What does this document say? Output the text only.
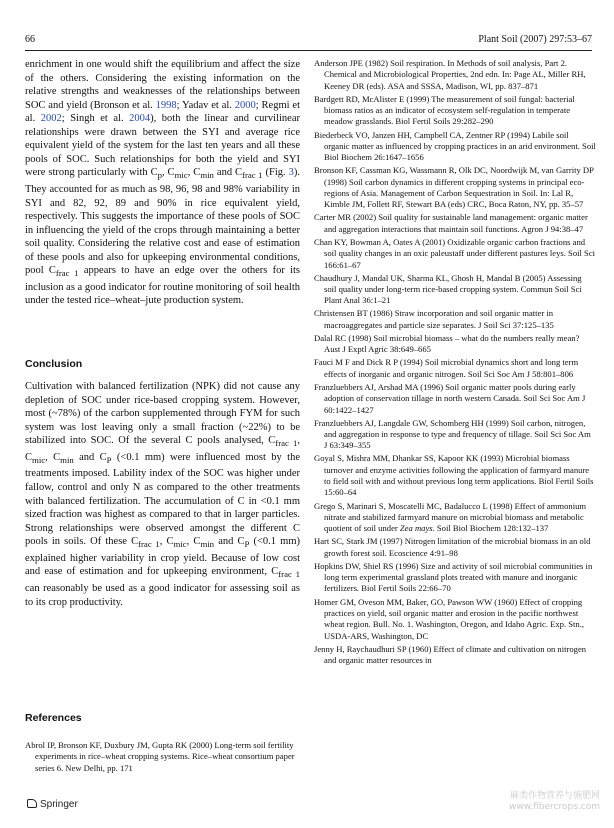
66	Plant Soil (2007) 297:53–67

enrichment in one would shift the equilibrium and affect the size of the others. Considering the existing information on the relative strengths and weaknesses of the relationships between SOC and yield (Bronson et al. 1998; Yadav et al. 2000; Regmi et al. 2002; Singh et al. 2004), both the linear and curvilinear relationships were drawn between the SYI and average rice equivalent yield of the system for the last ten years and all these pools of SOC. Such relationships for both the yield and SYI were strong particularly with $C_p$, $C_{mic}$, $C_{min}$ and $C_{frac 1}$ (Fig. 3). They accounted for as much as 98, 96, 98 and 98% variability in SYI and 82, 92, 89 and 90% in rice equivalent yield, respectively. This suggests the importance of these pools of SOC in influencing the yield of the crops through maintaining a better soil quality. Considering the relative cost and ease of estimation of these pools and also for upkeeping environmental conditions, pool $C_{frac 1}$ appears to have an edge over the others for its inclusion as a good indicator for routine monitoring of soil health under the tested rice–wheat–jute production system.

Conclusion

Cultivation with balanced fertilization (NPK) did not cause any depletion of SOC under rice-based cropping system. However, most (~78%) of the carbon supplemented through FYM for such system was lost leaving only a small fraction (~22%) to be stabilized into SOC. Of the several C pools analysed, $C_{frac 1}$, $C_{mic}$, $C_{min}$ and $C_P$ (<0.1 mm) were influenced most by the treatments imposed. Lability index of the SOC was higher under fallow, control and only N as compared to the other treatments with balanced fertilization. The accumulation of C in <0.1 mm sized fraction was highest as compared to that in larger particles. Strong relationships were observed amongst the different C pools in soils. Of these $C_{frac 1}$, $C_{mic}$, $C_{min}$ and $C_P$ (<0.1 mm) explained higher variability in crop yield. Because of low cost and ease of estimation and for upkeeping environment, $C_{frac 1}$ can reasonably be used as a good indicator for assessing soil as to its crop productivity.

References

Abrol IP, Bronson KF, Duxbury JM, Gupta RK (2000) Long-term soil fertility experiments in rice–wheat cropping systems. Rice–wheat consortium paper series 6. New Delhi, pp. 171

Anderson JPE (1982) Soil respiration. In Methods of soil analysis, Part 2. Chemical and Microbiological Properties, 2nd edn. In: Page AL, Miller RH, Keeney DR (eds). ASA and SSSA, Madison, WI, pp. 837–871

Bardgett RD, McAlister E (1999) The measurement of soil fungal: bacterial biomass ratios as an indicator of ecosystem self-regulation in temperate meadow grasslands. Biol Fertil Soils 29:282–290

Biederbeck VO, Janzen HH, Campbell CA, Zentner RP (1994) Labile soil organic matter as influenced by cropping practices in an arid environment. Soil Biol Biochem 26:1647–1656

Bronson KF, Cassman KG, Wassmann R, Olk DC, Noordwijk M, van Garrity DP (1998) Soil carbon dynamics in different cropping systems in principal eco-regions of Asia. Management of Carbon Sequestration in Soil. In: Lal R, Kimble JM, Follett RF, Stewart BA (eds) CRC, Boca Raton, NY, pp. 35–57

Carter MR (2002) Soil quality for sustainable land management: organic matter and aggregation interactions that maintain soil functions. Agron J 94:38–47

Chan KY, Bowman A, Oates A (2001) Oxidizable organic carbon fractions and soil quality changes in an oxic paleustaff under different pastures leys. Soil Sci 166:61–67

Chaudhury J, Mandal UK, Sharma KL, Ghosh H, Mandal B (2005) Assessing soil quality under long-term rice-based cropping system. Commun Soil Sci Plant Anal 36:1–21

Christensen BT (1986) Straw incorporation and soil organic matter in macroaggregates and particle size separates. J Soil Sci 37:125–135

Dalal RC (1998) Soil microbial biomass – what do the numbers really mean? Aust J Exptl Agric 38:649–665

Fauci M F and Dick R P (1994) Soil microbial dynamics short and long term effects of inorganic and organic nitrogen. Soil Sci Soc Am J 58:801–806

Franzluebbers AJ, Arshad MA (1996) Soil organic matter pools during early adoption of conservation tillage in north western Canada. Soil Sci Soc Am J 60:1422–1427

Franzluebbers AJ, Langdale GW, Schomberg HH (1999) Soil carbon, nitrogen, and aggregation in response to type and frequency of tillage. Soil Sci Soc Am J 63:349–355

Goyal S, Mishra MM, Dhankar SS, Kapoor KK (1993) Microbial biomass turnover and enzyme activities following the application of farmyard manure to field soil with and without previous long term applications. Biol Fertil Soils 15:60–64

Grego S, Marinari S, Moscatelli MC, Badalucco L (1998) Effect of ammonium nitrate and stabilized farmyard manure on microbial biomass and metabolic quotient of soil under Zea mays. Soil Biol Biochem 128:132–137

Hart SC, Stark JM (1997) Nitrogen limitation of the microbial biomass in an old growth forest soil. Ecoscience 4:91–98

Hopkins DW, Shiel RS (1996) Size and activity of soil microbial communities in long term experimental grassland plots treated with manure and inorganic fertilizers. Biol Fertil Soils 22:66–70

Homer GM, Oveson MM, Baker, GO, Pawson WW (1960) Effect of cropping practices on yield, soil organic matter and erosion in the pacific northwest wheat region. Bull. No. 1. Washington, Oregon, and Idaho Agric. Exp. Stn., USDA-ARS, Washington, DC

Jenny H, Raychaudhuri SP (1960) Effect of climate and cultivation on nitrogen and organic matter resources in

Springer
麻类作物营养与施肥网
www.fibercrops.com
